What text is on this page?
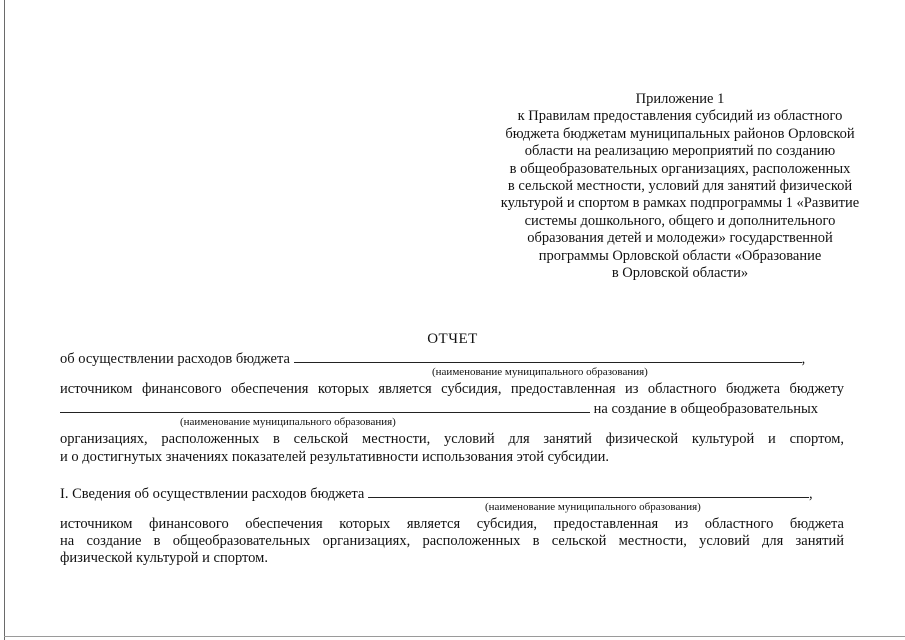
Приложение 1
к Правилам предоставления субсидий из областного
бюджета бюджетам муниципальных районов Орловской
области на реализацию мероприятий по созданию
в общеобразовательных организациях, расположенных
в сельской местности, условий для занятий физической
культурой и спортом в рамках подпрограммы 1 «Развитие
системы дошкольного, общего и дополнительного
образования детей и молодежи» государственной
программы Орловской области «Образование
в Орловской области»
ОТЧЕТ
об осуществлении расходов бюджета	,
(наименование муниципального образования)
источником финансового обеспечения которых является субсидия, предоставленная из областного бюджета бюджету
на создание в общеобразовательных
(наименование муниципального образования)
организациях, расположенных в сельской местности, условий для занятий физической культурой и спортом,
и о достигнутых значениях показателей результативности использования этой субсидии.
I. Сведения об осуществлении расходов бюджета	,
(наименование муниципального образования)
источником финансового обеспечения которых является субсидия, предоставленная из областного бюджета
на создание в общеобразовательных организациях, расположенных в сельской местности, условий для занятий
физической культурой и спортом.
